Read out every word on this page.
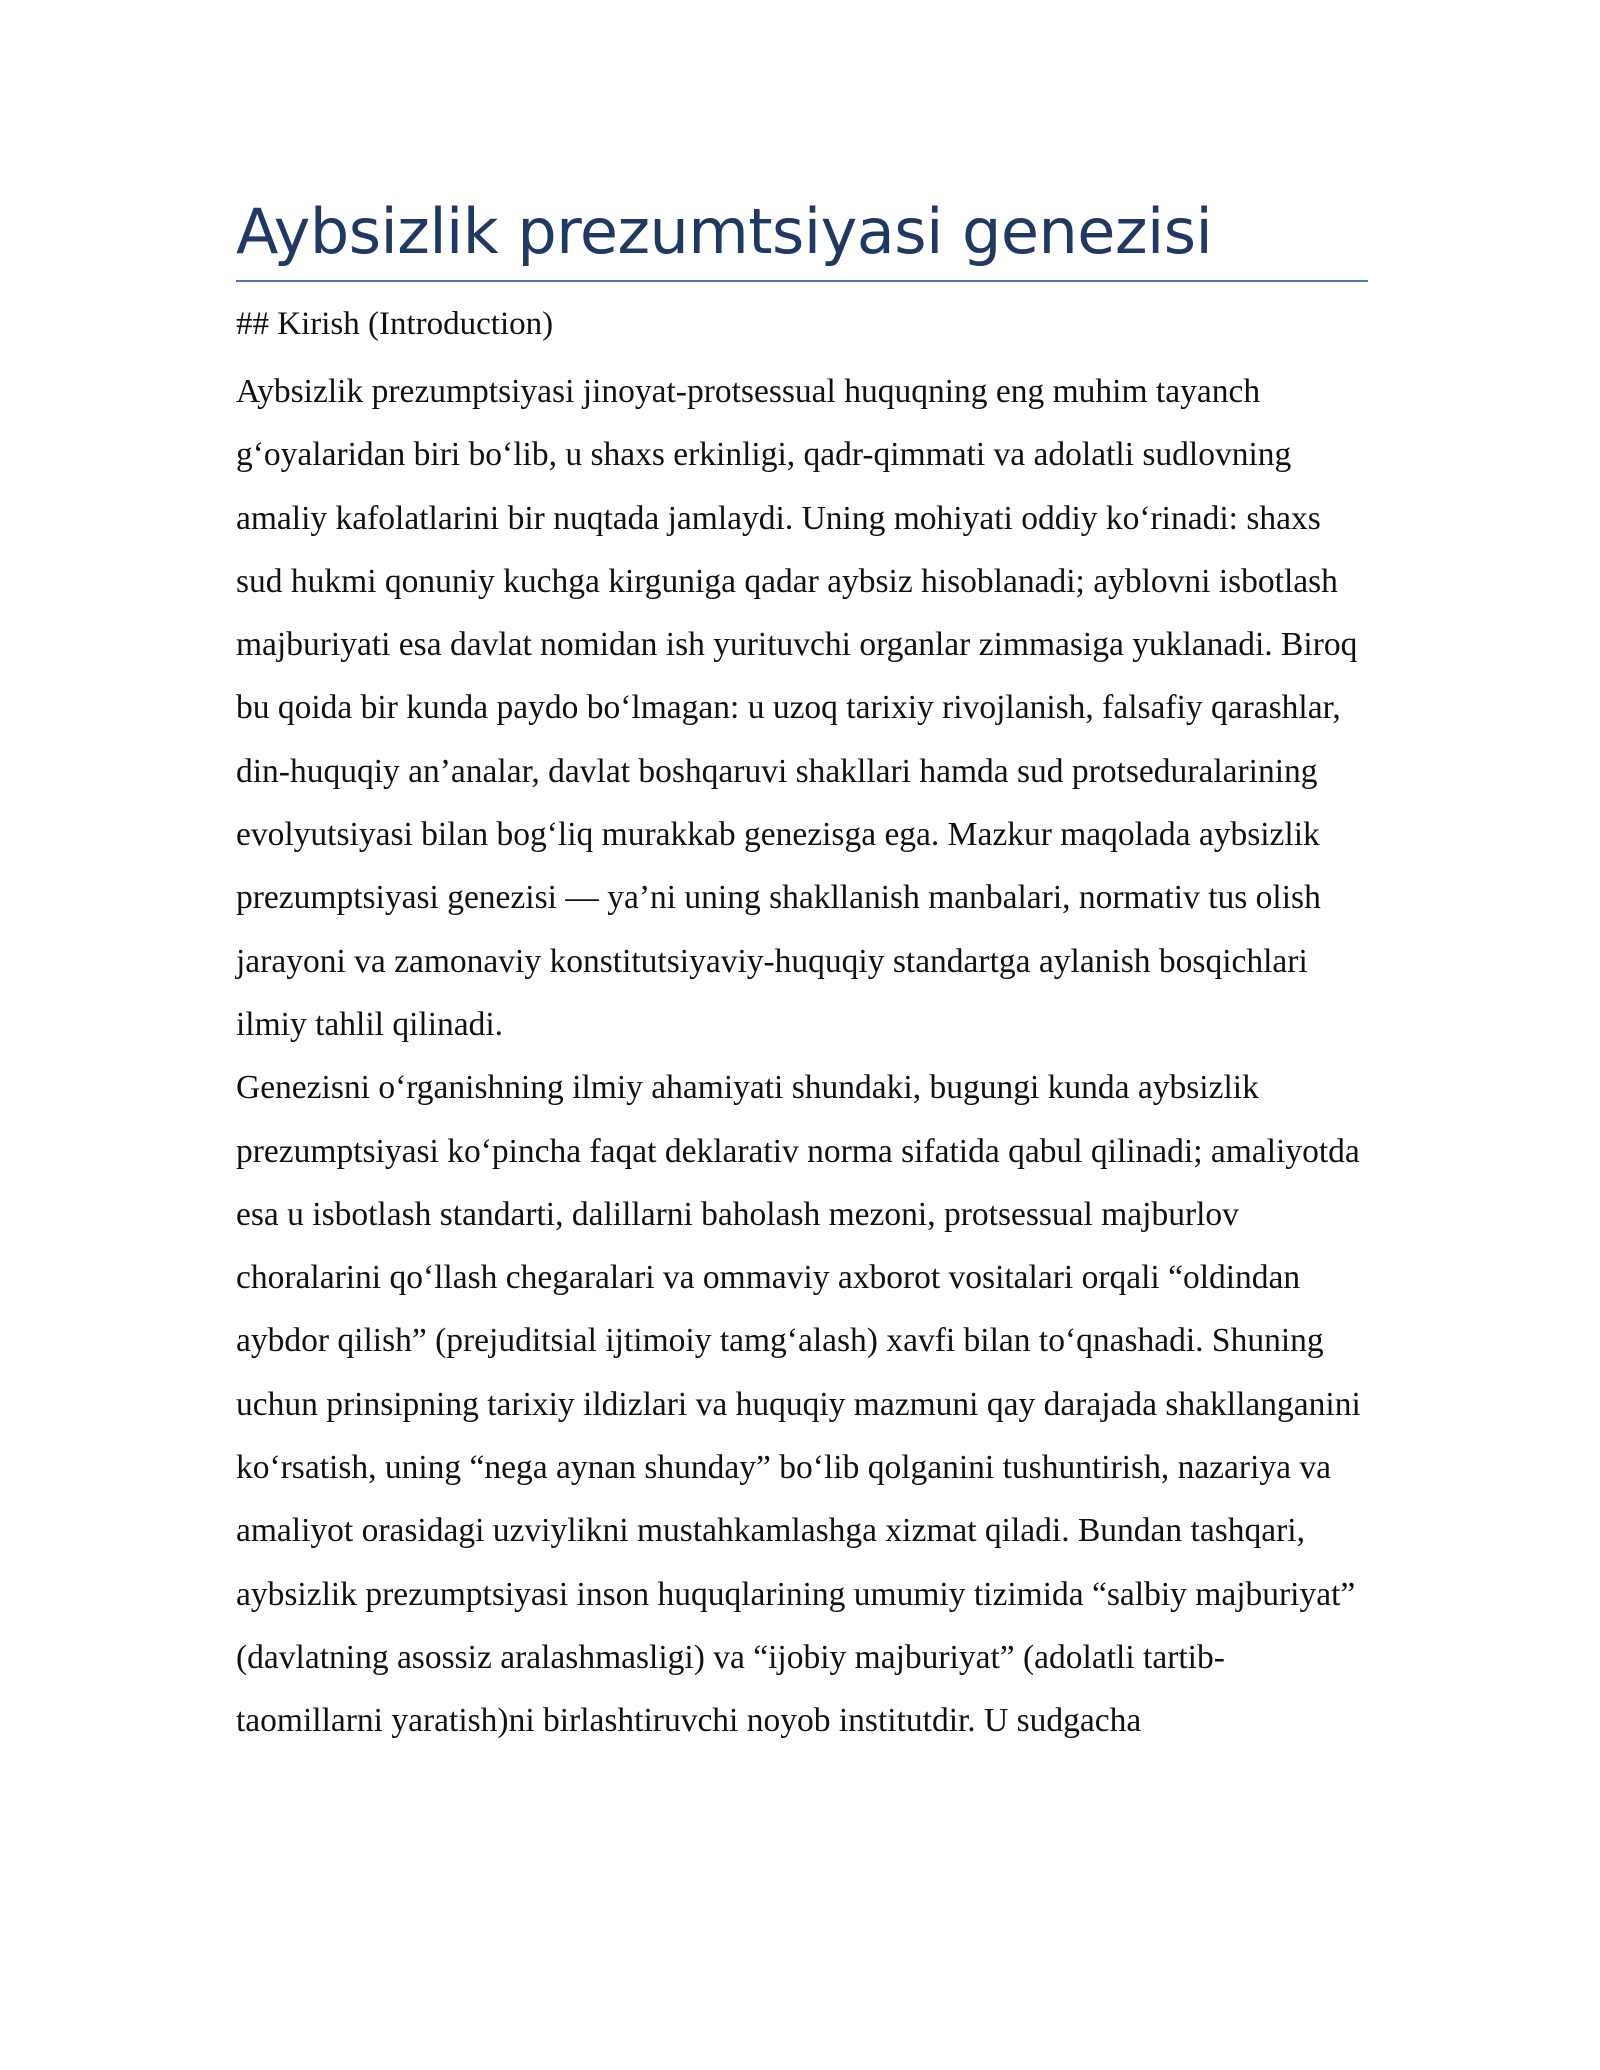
Aybsizlik prezumtsiyasi genezisi
## Kirish (Introduction)

Aybsizlik prezumptsiyasi jinoyat-protsessual huquqning eng muhim tayanch g‘oyalaridan biri bo‘lib, u shaxs erkinligi, qadr-qimmati va adolatli sudlovning amaliy kafolatlarini bir nuqtada jamlaydi. Uning mohiyati oddiy ko‘rinadi: shaxs sud hukmi qonuniy kuchga kirguniga qadar aybsiz hisoblanadi; ayblovni isbotlash majburiyati esa davlat nomidan ish yurituvchi organlar zimmasiga yuklanadi. Biroq bu qoida bir kunda paydo bo‘lmagan: u uzoq tarixiy rivojlanish, falsafiy qarashlar, din-huquqiy an’analar, davlat boshqaruvi shakllari hamda sud protseduralarining evolyutsiyasi bilan bog‘liq murakkab genezisga ega. Mazkur maqolada aybsizlik prezumptsiyasi genezisi — ya’ni uning shakllanish manbalari, normativ tus olish jarayoni va zamonaviy konstitutsiyaviy-huquqiy standartga aylanish bosqichlari ilmiy tahlil qilinadi.

Genezisni o‘rganishning ilmiy ahamiyati shundaki, bugungi kunda aybsizlik prezumptsiyasi ko‘pincha faqat deklarativ norma sifatida qabul qilinadi; amaliyotda esa u isbotlash standarti, dalillarni baholash mezoni, protsessual majburlov choralarini qo‘llash chegaralari va ommaviy axborot vositalari orqali “oldindan aybdor qilish” (prejuditsial ijtimoiy tamg‘alash) xavfi bilan to‘qnashadi. Shuning uchun prinsipning tarixiy ildizlari va huquqiy mazmuni qay darajada shakllanganini ko‘rsatish, uning “nega aynan shunday” bo‘lib qolganini tushuntirish, nazariya va amaliyot orasidagi uzviylikni mustahkamlashga xizmat qiladi. Bundan tashqari, aybsizlik prezumptsiyasi inson huquqlarining umumiy tizimida “salbiy majburiyat” (davlatning asossiz aralashmasligi) va “ijobiy majburiyat” (adolatli tartib-taomillarni yaratish)ni birlashtiruvchi noyob institutdir. U sudgacha
